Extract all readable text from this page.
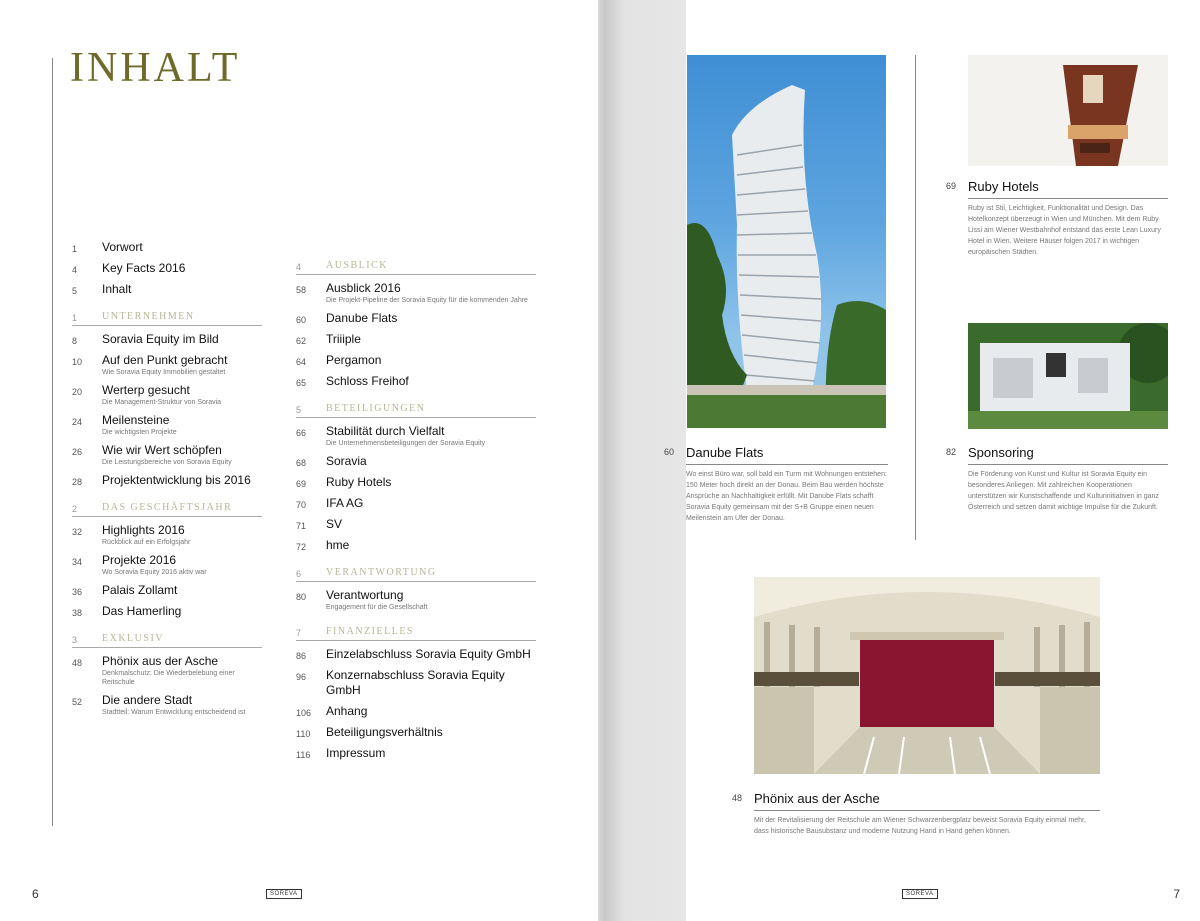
INHALT
1	Vorwort
4	Key Facts 2016
5	Inhalt
1	UNTERNEHMEN
8	Soravia Equity im Bild
10	Auf den Punkt gebracht
Wie Soravia Equity Immobilien gestaltet
20	Werterp gesucht
Die Management-Struktur von Soravia
24	Meilensteine
Die wichtigsten Projekte
26	Wie wir Wert schöpfen
Die Leistungsbereiche von Soravia Equity
28	Projektentwicklung bis 2016
2	DAS GESCHÄFTSJAHR
32	Highlights 2016
Rückblick auf ein Erfolgsjahr
34	Projekte 2016
Wo Soravia Equity 2016 aktiv war
36	Palais Zollamt
38	Das Hamerling
3	EXKLUSIV
48	Phönix aus der Asche
Denkmalschutz: Die Wiederbelebung einer Reitschule
52	Die andere Stadt
Stadtteil: Warum Entwicklung entscheidend ist
4	AUSBLICK
58	Ausblick 2016
Die Projekt-Pipeline der Soravia Equity für die kommenden Jahre
60	Danube Flats
62	Triiiple
64	Pergamon
65	Schloss Freihof
5	BETEILIGUNGEN
66	Stabilität durch Vielfalt
Die Unternehmensbeteiligungen der Soravia Equity
68	Soravia
69	Ruby Hotels
70	IFA AG
71	SV
72	hme
6	VERANTWORTUNG
80	Verantwortung
Engagement für die Gesellschaft
7	FINANZIELLES
86	Einzelabschluss Soravia Equity GmbH
96	Konzernabschluss Soravia Equity GmbH
106	Anhang
110	Beteiligungsverhältnis
116	Impressum
6	SOREVA
60 Danube Flats
Wo einst Büro war, soll bald ein Turm mit Wohnungen entstehen: 150 Meter hoch direkt an der Donau. Beim Bau werden höchste Ansprüche an Nachhaltigkeit erfüllt. Mit Danube Flats schafft Soravia Equity gemeinsam mit der S+B Gruppe einen neuen Meilenstein am Ufer der Donau.
69 Ruby Hotels
Ruby ist Stil, Leichtigkeit, Funktionalität und Design. Das Hotelkonzept überzeugt in Wien und München. Mit dem Ruby Lissi am Wiener Westbahnhof entstand das erste Lean Luxury Hotel in Wien. Weitere Häuser folgen 2017 in wichtigen europäischen Städten.
82 Sponsoring
Die Förderung von Kunst und Kultur ist Soravia Equity ein besonderes Anliegen. Mit zahlreichen Kooperationen unterstützen wir Kunstschaffende und Kulturinitiativen in ganz Österreich und setzen damit wichtige Impulse für die Zukunft.
48 Phönix aus der Asche
Mit der Revitalisierung der Reitschule am Wiener Schwarzenbergplatz beweist Soravia Equity einmal mehr, dass historische Bausubstanz und moderne Nutzung Hand in Hand gehen können.
SOREVA	7
